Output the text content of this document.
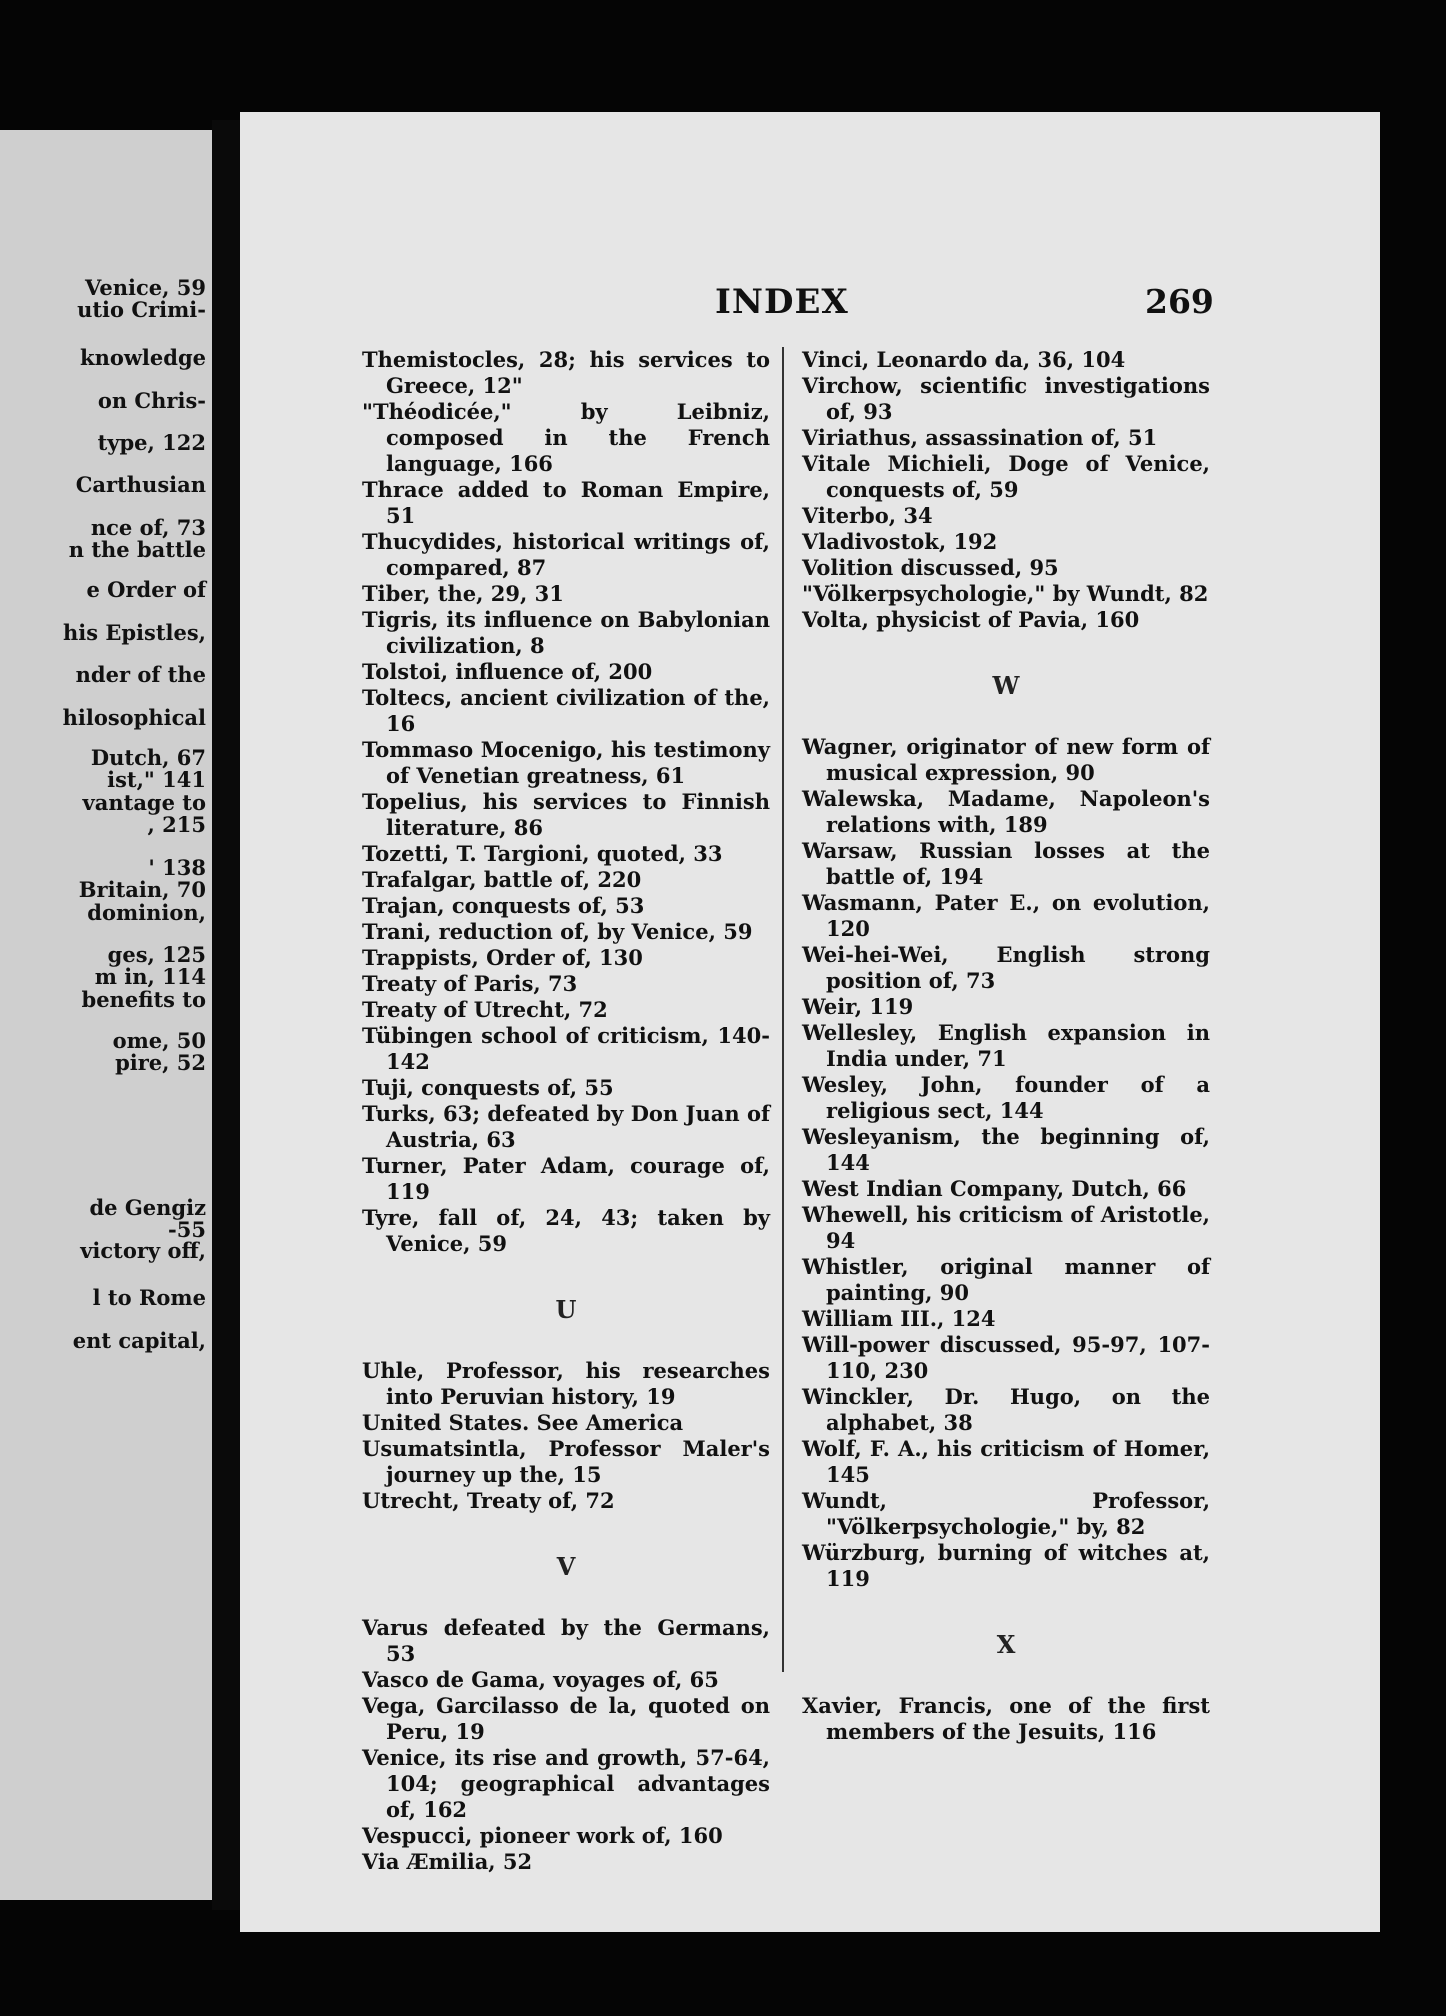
Venice, 59
utio Crimi-
knowledge
on Chris-
type, 122
Carthusian
nce of, 73
n the battle
e Order of
his Epistles,
nder of the
hilosophical
Dutch, 67
ist," 141
vantage to
, 215
' 138
Britain, 70
dominion,
ges, 125
m in, 114
benefits to
ome, 50
pire, 52
de Gengiz
-55
victory off,
l to Rome
ent capital,
INDEX	269

Themistocles, 28; his services to Greece, 12"

"Théodicée," by Leibniz, composed in the French language, 166

Thrace added to Roman Empire, 51

Thucydides, historical writings of, compared, 87

Tiber, the, 29, 31

Tigris, its influence on Babylonian civilization, 8

Tolstoi, influence of, 200

Toltecs, ancient civilization of the, 16

Tommaso Mocenigo, his testimony of Venetian greatness, 61

Topelius, his services to Finnish literature, 86

Tozetti, T. Targioni, quoted, 33

Trafalgar, battle of, 220

Trajan, conquests of, 53

Trani, reduction of, by Venice, 59

Trappists, Order of, 130

Treaty of Paris, 73

Treaty of Utrecht, 72

Tübingen school of criticism, 140-142

Tuji, conquests of, 55

Turks, 63; defeated by Don Juan of Austria, 63

Turner, Pater Adam, courage of, 119

Tyre, fall of, 24, 43; taken by Venice, 59

U

Uhle, Professor, his researches into Peruvian history, 19

United States. See America

Usumatsintla, Professor Maler's journey up the, 15

Utrecht, Treaty of, 72

V

Varus defeated by the Germans, 53

Vasco de Gama, voyages of, 65

Vega, Garcilasso de la, quoted on Peru, 19

Venice, its rise and growth, 57-64, 104; geographical advantages of, 162

Vespucci, pioneer work of, 160

Via Æmilia, 52

Vinci, Leonardo da, 36, 104

Virchow, scientific investigations of, 93

Viriathus, assassination of, 51

Vitale Michieli, Doge of Venice, conquests of, 59

Viterbo, 34

Vladivostok, 192

Volition discussed, 95

"Völkerpsychologie," by Wundt, 82

Volta, physicist of Pavia, 160

W

Wagner, originator of new form of musical expression, 90

Walewska, Madame, Napoleon's relations with, 189

Warsaw, Russian losses at the battle of, 194

Wasmann, Pater E., on evolution, 120

Wei-hei-Wei, English strong position of, 73

Weir, 119

Wellesley, English expansion in India under, 71

Wesley, John, founder of a religious sect, 144

Wesleyanism, the beginning of, 144

West Indian Company, Dutch, 66

Whewell, his criticism of Aristotle, 94

Whistler, original manner of painting, 90

William III., 124

Will-power discussed, 95-97, 107-110, 230

Winckler, Dr. Hugo, on the alphabet, 38

Wolf, F. A., his criticism of Homer, 145

Wundt, Professor, "Völkerpsychologie," by, 82

Würzburg, burning of witches at, 119

X

Xavier, Francis, one of the first members of the Jesuits, 116
